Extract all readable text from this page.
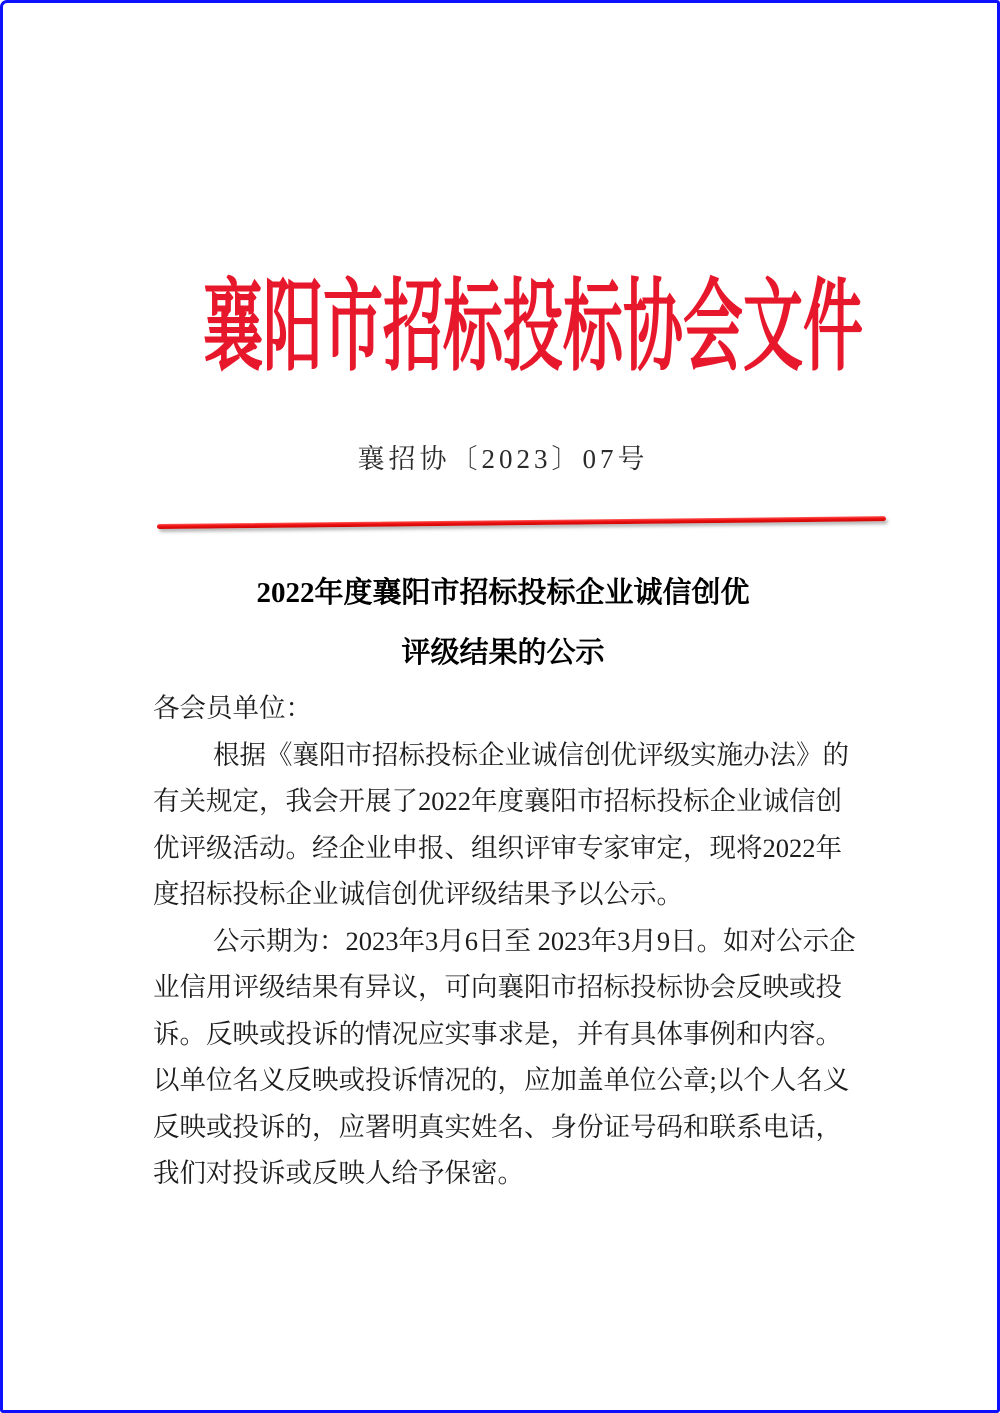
襄阳市招标投标协会文件
襄招协〔2023〕07号
2022年度襄阳市招标投标企业诚信创优
评级结果的公示
各会员单位：
根据《襄阳市招标投标企业诚信创优评级实施办法》的
有关规定，我会开展了2022年度襄阳市招标投标企业诚信创
优评级活动。经企业申报、组织评审专家审定，现将2022年
度招标投标企业诚信创优评级结果予以公示。
公示期为：2023年3月6日至 2023年3月9日。如对公示企
业信用评级结果有异议，可向襄阳市招标投标协会反映或投
诉。反映或投诉的情况应实事求是，并有具体事例和内容。
以单位名义反映或投诉情况的，应加盖单位公章;以个人名义
反映或投诉的，应署明真实姓名、身份证号码和联系电话，
我们对投诉或反映人给予保密。
